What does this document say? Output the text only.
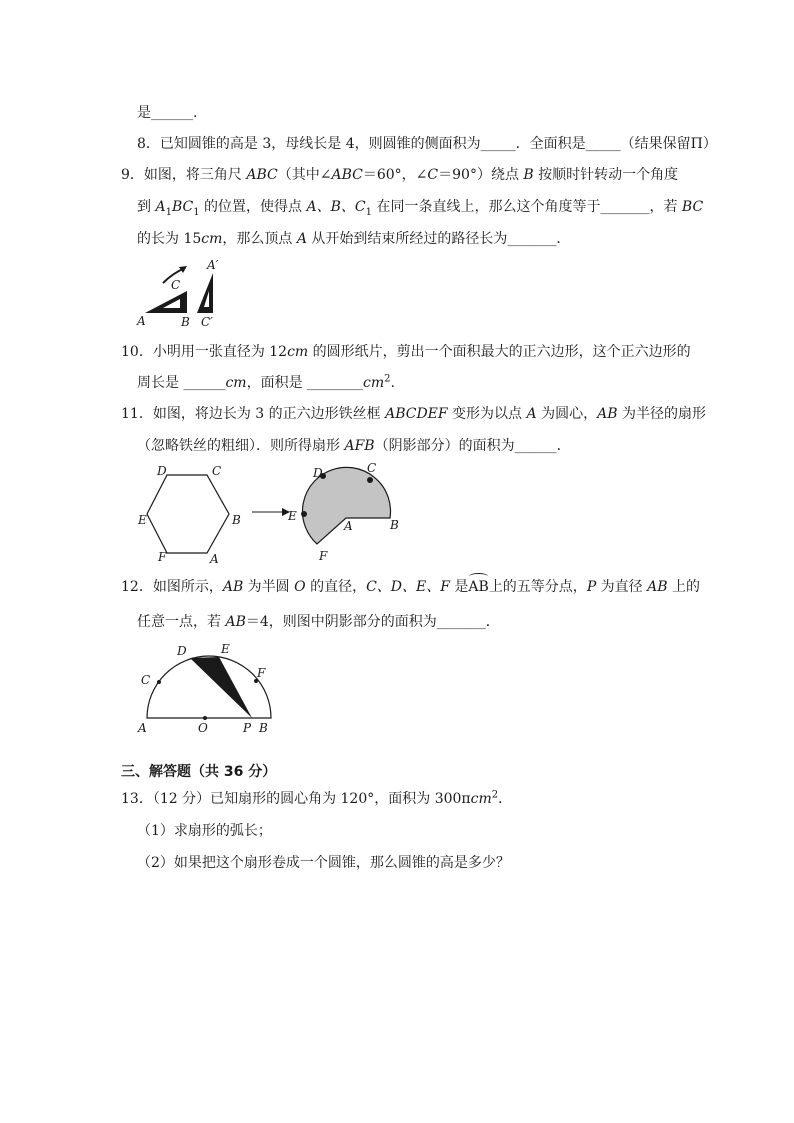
是______.
8．已知圆锥的高是 3，母线长是 4，则圆锥的侧面积为_____．全面积是_____（结果保留Π）
9．如图，将三角尺 ABC（其中∠ABC＝60°，∠C＝90°）绕点 B 按顺时针转动一个角度
到 $A_1BC_1$ 的位置，使得点 A、B、$C_1$ 在同一条直线上，那么这个角度等于_______，若 BC
的长为 15cm，那么顶点 A 从开始到结束所经过的路径长为_______．
A	B C′
C
A′
10．小明用一张直径为 12cm 的圆形纸片，剪出一个面积最大的正六边形，这个正六边形的
周长是 ______cm，面积是 $\_\_\_\_\_\_\_\_cm^2$.
11．如图，将边长为 3 的正六边形铁丝框 ABCDEF 变形为以点 A 为圆心，AB 为半径的扇形
（忽略铁丝的粗细）．则所得扇形 AFB（阴影部分）的面积为______．
D	C
B
A
F
E
D	C
B
A
F
E
12．如图所示，AB 为半圆 O 的直径，C、D、E、F 是AB上的五等分点，P 为直径 AB 上的
任意一点，若 AB＝4，则图中阴影部分的面积为_______．
A	O	P B
C
D	E
F
三、解答题（共 36 分）
13．（12 分）已知扇形的圆心角为 120°，面积为 300πcm$^2$．
（1）求扇形的弧长；
（2）如果把这个扇形卷成一个圆锥，那么圆锥的高是多少？
